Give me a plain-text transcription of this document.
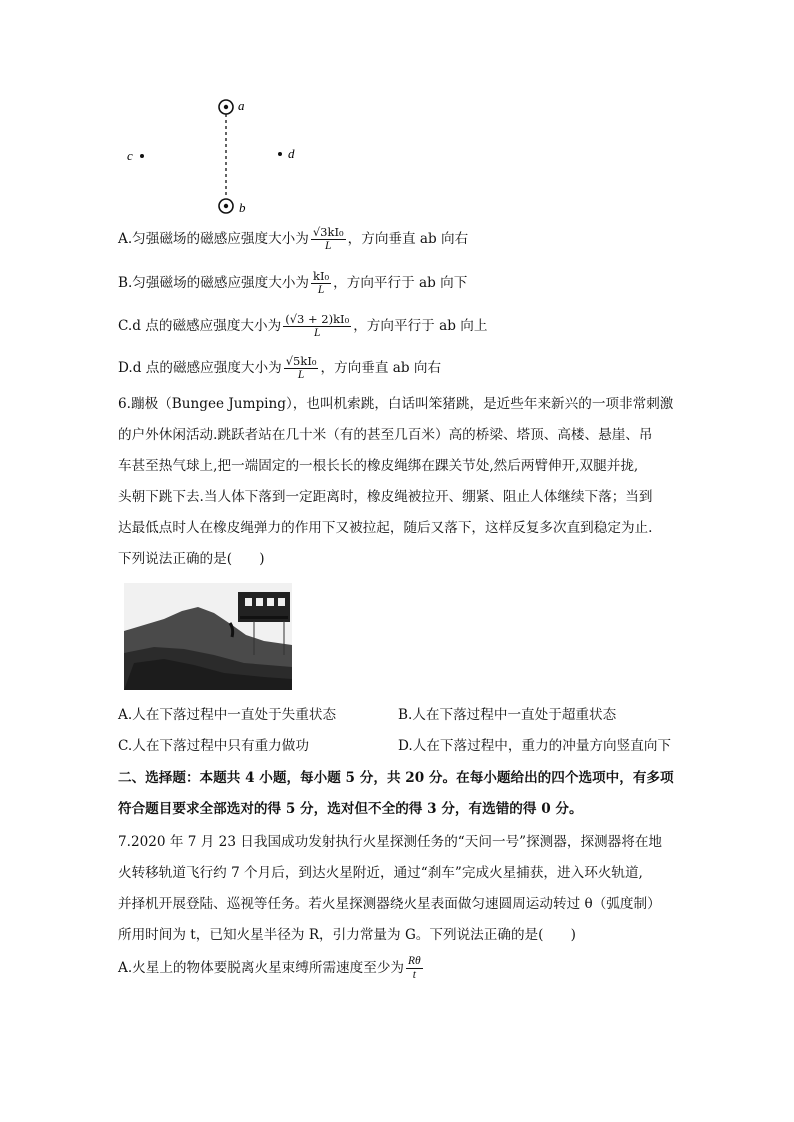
a
b
c	d
A.匀强磁场的磁感应强度大小为 $\frac{\text{√3kI₀}}{L}$ ，方向垂直 ab 向右
B.匀强磁场的磁感应强度大小为 $\frac{\text{kI₀}}{L}$ ，方向平行于 ab 向下
C.d 点的磁感应强度大小为 $\frac{\text{(√3 + 2)kI₀}}{L}$ ，方向平行于 ab 向上
D.d 点的磁感应强度大小为 $\frac{\text{√5kI₀}}{L}$ ，方向垂直 ab 向右
6.蹦极（Bungee Jumping），也叫机索跳，白话叫笨猪跳，是近些年来新兴的一项非常刺激
的户外休闲活动.跳跃者站在几十米（有的甚至几百米）高的桥梁、塔顶、高楼、悬崖、吊
车甚至热气球上,把一端固定的一根长长的橡皮绳绑在踝关节处,然后两臂伸开,双腿并拢,
头朝下跳下去.当人体下落到一定距离时，橡皮绳被拉开、绷紧、阻止人体继续下落；当到
达最低点时人在橡皮绳弹力的作用下又被拉起，随后又落下，这样反复多次直到稳定为止.
下列说法正确的是(　　)
A.人在下落过程中一直处于失重状态	B.人在下落过程中一直处于超重状态
C.人在下落过程中只有重力做功	D.人在下落过程中，重力的冲量方向竖直向下
二、选择题：本题共 4 小题，每小题 5 分，共 20 分。在每小题给出的四个选项中，有多项
符合题目要求全部选对的得 5 分，选对但不全的得 3 分，有选错的得 0 分。
7.2020 年 7 月 23 日我国成功发射执行火星探测任务的“天问一号”探测器，探测器将在地
火转移轨道飞行约 7 个月后，到达火星附近，通过“刹车”完成火星捕获，进入环火轨道,
并择机开展登陆、巡视等任务。若火星探测器绕火星表面做匀速圆周运动转过 θ（弧度制）
所用时间为 t，已知火星半径为 R，引力常量为 G。下列说法正确的是(　　)
A.火星上的物体要脱离火星束缚所需速度至少为 $\frac{R\theta}{t}$
